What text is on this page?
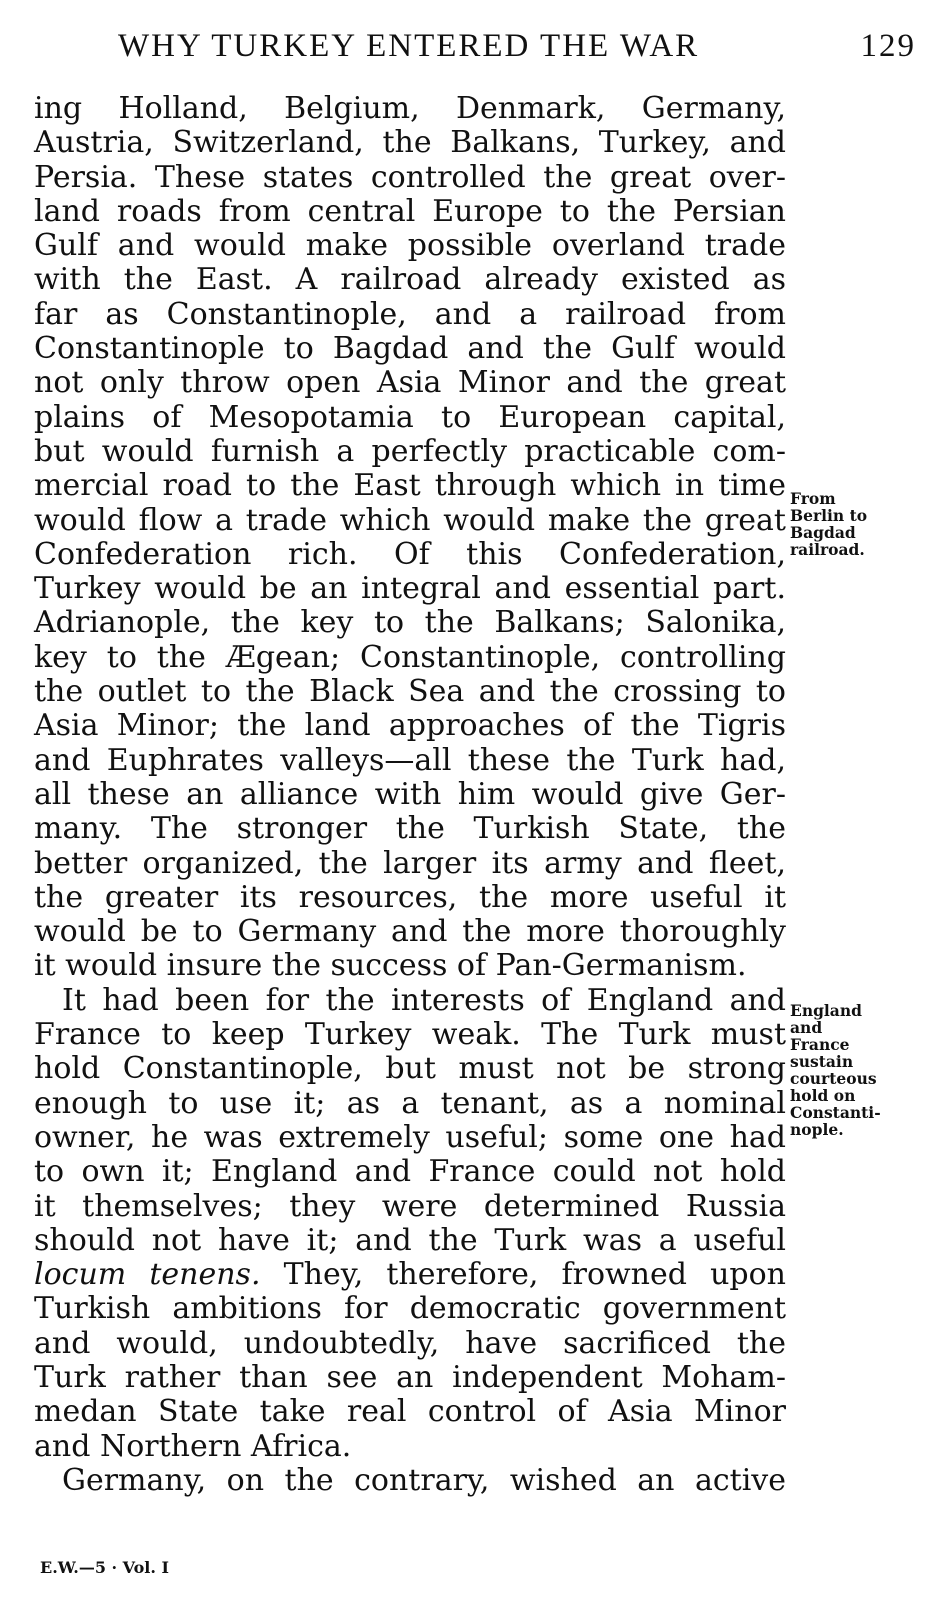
WHY TURKEY ENTERED THE WAR	129
ing Holland, Belgium, Denmark, Germany,
Austria, Switzerland, the Balkans, Turkey, and
Persia. These states controlled the great over-
land roads from central Europe to the Persian
Gulf and would make possible overland trade
with the East. A railroad already existed as
far as Constantinople, and a railroad from
Constantinople to Bagdad and the Gulf would
not only throw open Asia Minor and the great
plains of Mesopotamia to European capital,
but would furnish a perfectly practicable com-
mercial road to the East through which in time
would flow a trade which would make the great
Confederation rich. Of this Confederation,
Turkey would be an integral and essential part.
Adrianople, the key to the Balkans; Salonika,
key to the Ægean; Constantinople, controlling
the outlet to the Black Sea and the crossing to
Asia Minor; the land approaches of the Tigris
and Euphrates valleys—all these the Turk had,
all these an alliance with him would give Ger-
many. The stronger the Turkish State, the
better organized, the larger its army and fleet,
the greater its resources, the more useful it
would be to Germany and the more thoroughly
it would insure the success of Pan-Germanism.
It had been for the interests of England and
France to keep Turkey weak. The Turk must
hold Constantinople, but must not be strong
enough to use it; as a tenant, as a nominal
owner, he was extremely useful; some one had
to own it; England and France could not hold
it themselves; they were determined Russia
should not have it; and the Turk was a useful
locum tenens. They, therefore, frowned upon
Turkish ambitions for democratic government
and would, undoubtedly, have sacrificed the
Turk rather than see an independent Moham-
medan State take real control of Asia Minor
and Northern Africa.
Germany, on the contrary, wished an active
From
Berlin to
Bagdad
railroad.
England
and
France
sustain
courteous
hold on
Constanti-
nople.
E.W.—5 · Vol. I
